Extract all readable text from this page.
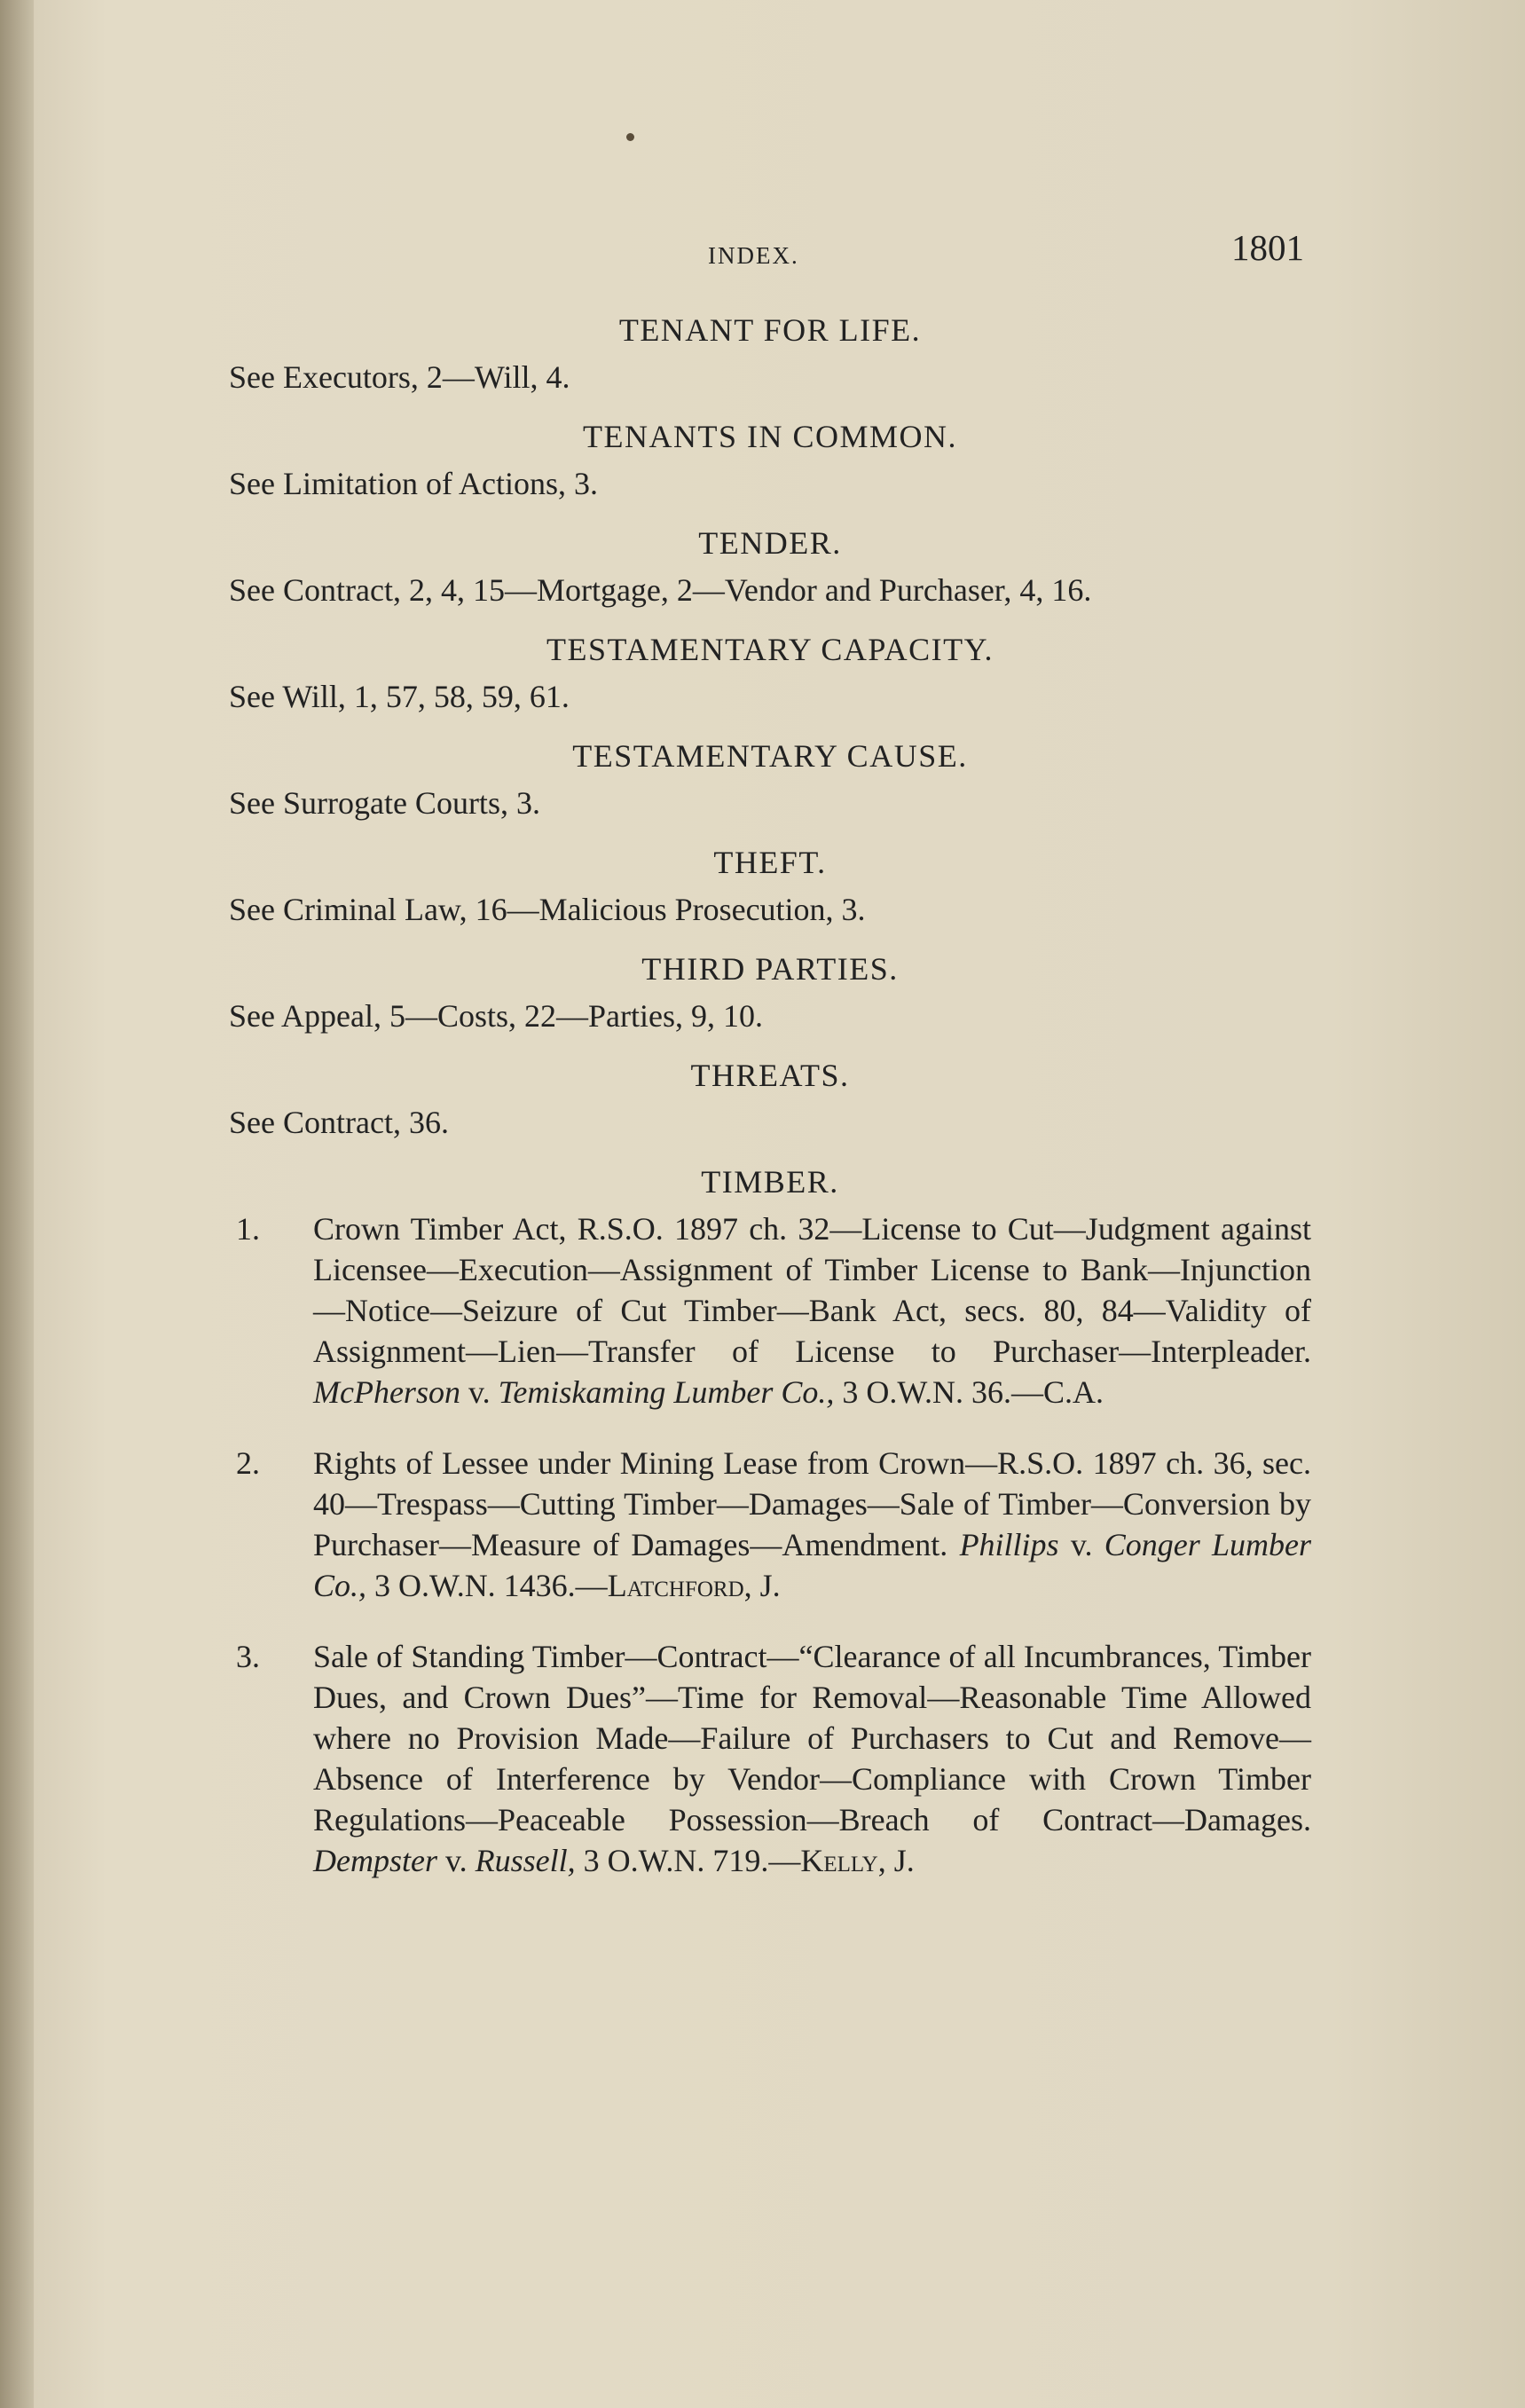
INDEX.	1801
TENANT FOR LIFE.
See Executors, 2—Will, 4.
TENANTS IN COMMON.
See Limitation of Actions, 3.
TENDER.
See Contract, 2, 4, 15—Mortgage, 2—Vendor and Purchaser, 4, 16.
TESTAMENTARY CAPACITY.
See Will, 1, 57, 58, 59, 61.
TESTAMENTARY CAUSE.
See Surrogate Courts, 3.
THEFT.
See Criminal Law, 16—Malicious Prosecution, 3.
THIRD PARTIES.
See Appeal, 5—Costs, 22—Parties, 9, 10.
THREATS.
See Contract, 36.
TIMBER.
1. Crown Timber Act, R.S.O. 1897 ch. 32—License to Cut—Judgment against Licensee—Execution—Assignment of Timber License to Bank—Injunction—Notice—Seizure of Cut Timber—Bank Act, secs. 80, 84—Validity of Assignment—Lien—Transfer of License to Purchaser—Interpleader. McPherson v. Temiskaming Lumber Co., 3 O.W.N. 36.—C.A.
2. Rights of Lessee under Mining Lease from Crown—R.S.O. 1897 ch. 36, sec. 40—Trespass—Cutting Timber—Damages—Sale of Timber—Conversion by Purchaser—Measure of Damages—Amendment. Phillips v. Conger Lumber Co., 3 O.W.N. 1436.—Latchford, J.
3. Sale of Standing Timber—Contract—“Clearance of all Incumbrances, Timber Dues, and Crown Dues”—Time for Removal—Reasonable Time Allowed where no Provision Made—Failure of Purchasers to Cut and Remove—Absence of Interference by Vendor—Compliance with Crown Timber Regulations—Peaceable Possession—Breach of Contract—Damages. Dempster v. Russell, 3 O.W.N. 719.—Kelly, J.
